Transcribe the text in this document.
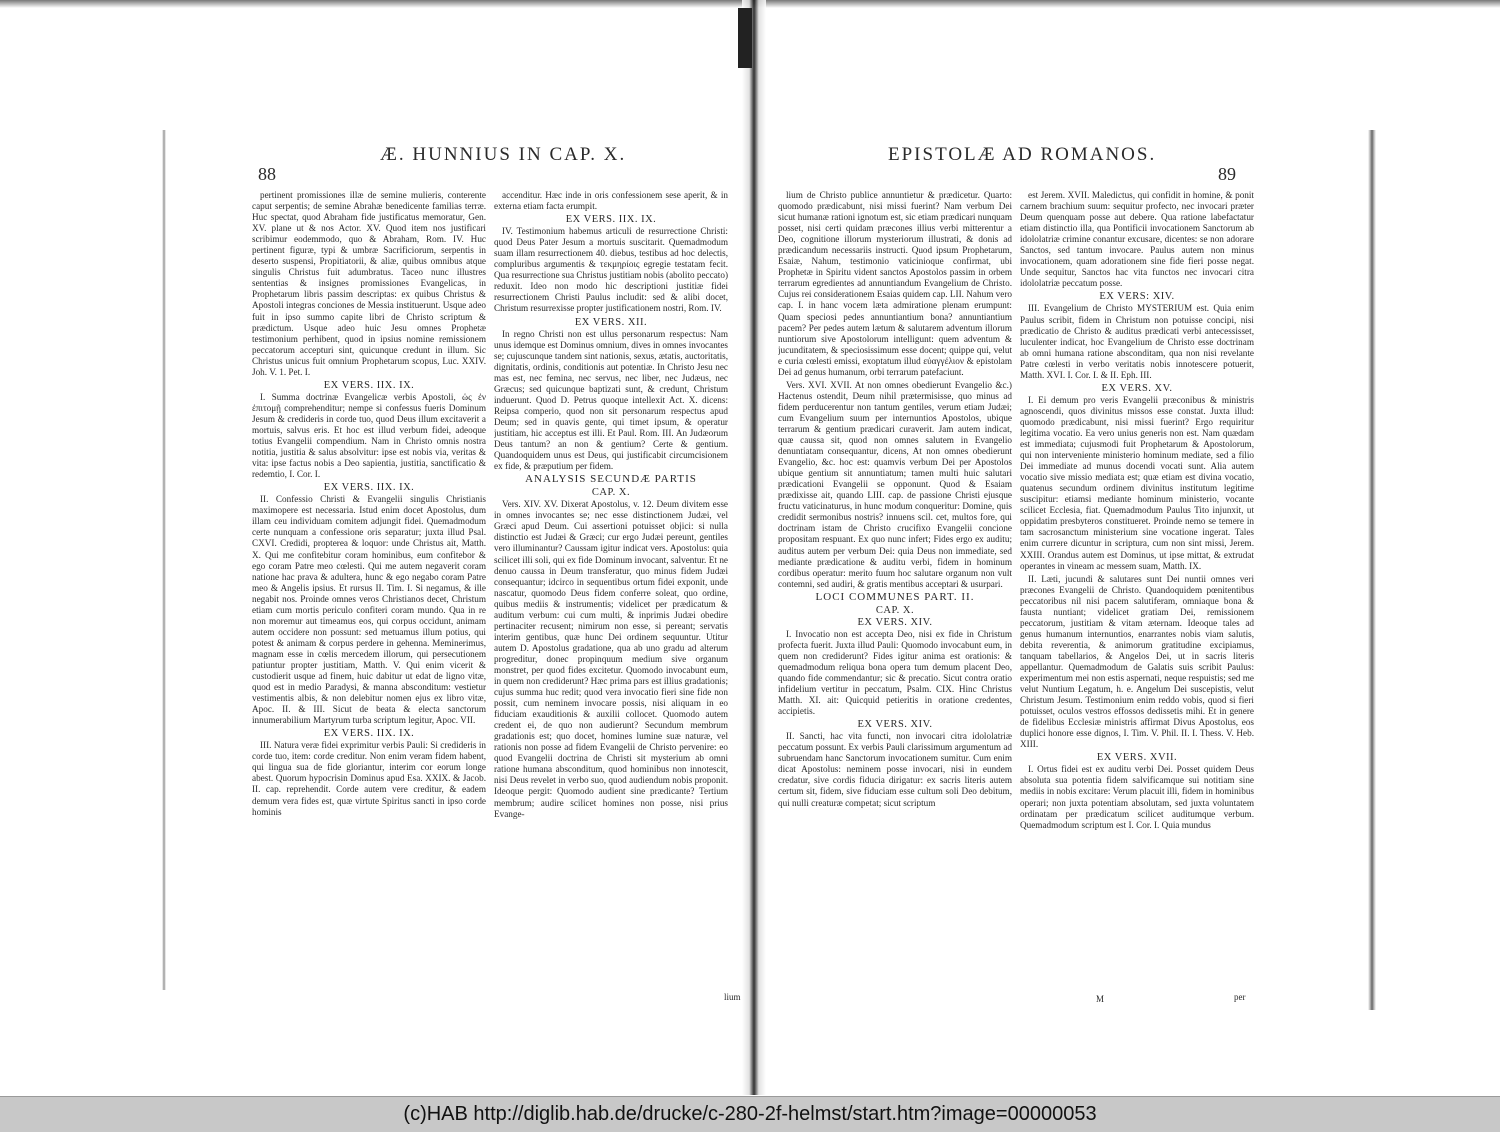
88
Æ. HUNNIUS IN CAP. X.

pertinent promissiones illæ de semine mulieris, conterente caput serpentis; de semine Abrahæ benedicente familias terræ. Huc spectat, quod Abraham fide justificatus memoratur, Gen. XV. plane ut & nos Actor. XV. Quod item nos justificari scribimur eodemmodo, quo & Abraham, Rom. IV. Huc pertinent figuræ, typi & umbræ Sacrificiorum, serpentis in deserto suspensi, Propitiatorii, & aliæ, quibus omnibus atque singulis Christus fuit adumbratus. Taceo nunc illustres sententias & insignes promissiones Evangelicas, in Prophetarum libris passim descriptas: ex quibus Christus & Apostoli integras conciones de Messia instituerunt. Usque adeo fuit in ipso summo capite libri de Christo scriptum & prædictum. Usque adeo huic Jesu omnes Prophetæ testimonium perhibent, quod in ipsius nomine remissionem peccatorum accepturi sint, quicunque credunt in illum. Sic Christus unicus fuit omnium Prophetarum scopus, Luc. XXIV. Joh. V. 1. Pet. I.

EX VERS. IIX. IX.

I. Summa doctrinæ Evangelicæ verbis Apostoli, ὡς ἐν ἐπιτομῇ comprehenditur; nempe si confessus fueris Dominum Jesum & credideris in corde tuo, quod Deus illum excitaverit a mortuis, salvus eris. Et hoc est illud verbum fidei, adeoque totius Evangelii compendium. Nam in Christo omnis nostra notitia, justitia & salus absolvitur: ipse est nobis via, veritas & vita: ipse factus nobis a Deo sapientia, justitia, sanctificatio & redemtio, I. Cor. I.

EX VERS. IIX. IX.

II. Confessio Christi & Evangelii singulis Christianis maximopere est necessaria. Istud enim docet Apostolus, dum illam ceu individuam comitem adjungit fidei. Quemadmodum certe nunquam a confessione oris separatur; juxta illud Psal. CXVI. Credidi, propterea & loquor: unde Christus ait, Matth. X. Qui me confitebitur coram hominibus, eum confitebor & ego coram Patre meo cœlesti. Qui me autem negaverit coram natione hac prava & adultera, hunc & ego negabo coram Patre meo & Angelis ipsius. Et rursus II. Tim. I. Si negamus, & ille negabit nos. Proinde omnes veros Christianos decet, Christum etiam cum mortis periculo confiteri coram mundo. Qua in re non moremur aut timeamus eos, qui corpus occidunt, animam autem occidere non possunt: sed metuamus illum potius, qui potest & animam & corpus perdere in gehenna. Meminerimus, magnam esse in cœlis mercedem illorum, qui persecutionem patiuntur propter justitiam, Matth. V. Qui enim vicerit & custodierit usque ad finem, huic dabitur ut edat de ligno vitæ, quod est in medio Paradysi, & manna absconditum: vestietur vestimentis albis, & non delebitur nomen ejus ex libro vitæ, Apoc. II. & III. Sicut de beata & electa sanctorum innumerabilium Martyrum turba scriptum legitur, Apoc. VII.

EX VERS. IIX. IX.

III. Natura veræ fidei exprimitur verbis Pauli: Si credideris in corde tuo, item: corde creditur. Non enim veram fidem habent, qui lingua sua de fide gloriantur, interim cor eorum longe abest. Quorum hypocrisin Dominus apud Esa. XXIX. & Jacob. II. cap. reprehendit. Corde autem vere creditur, & eadem demum vera fides est, quæ virtute Spiritus sancti in ipso corde hominis

accenditur. Hæc inde in oris confessionem sese aperit, & in externa etiam facta erumpit.

EX VERS. IIX. IX.

IV. Testimonium habemus articuli de resurrectione Christi: quod Deus Pater Jesum a mortuis suscitarit. Quemadmodum suam illam resurrectionem 40. diebus, testibus ad hoc delectis, compluribus argumentis & τεκμηρίοις egregie testatam fecit. Qua resurrectione sua Christus justitiam nobis (abolito peccato) reduxit. Ideo non modo hic descriptioni justitiæ fidei resurrectionem Christi Paulus includit: sed & alibi docet, Christum resurrexisse propter justificationem nostri, Rom. IV.

EX VERS. XII.

In regno Christi non est ullus personarum respectus: Nam unus idemque est Dominus omnium, dives in omnes invocantes se; cujuscunque tandem sint nationis, sexus, ætatis, auctoritatis, dignitatis, ordinis, conditionis aut potentiæ. In Christo Jesu nec mas est, nec femina, nec servus, nec liber, nec Judæus, nec Græcus; sed quicunque baptizati sunt, & credunt, Christum induerunt. Quod D. Petrus quoque intellexit Act. X. dicens: Reipsa comperio, quod non sit personarum respectus apud Deum; sed in quavis gente, qui timet ipsum, & operatur justitiam, hic acceptus est illi. Et Paul. Rom. III. An Judæorum Deus tantum? an non & gentium? Certe & gentium. Quandoquidem unus est Deus, qui justificabit circumcisionem ex fide, & præputium per fidem.

ANALYSIS SECUNDÆ PARTIS

CAP. X.

Vers. XIV. XV. Dixerat Apostolus, v. 12. Deum divitem esse in omnes invocantes se; nec esse distinctionem Judæi, vel Græci apud Deum. Cui assertioni potuisset objici: si nulla distinctio est Judæi & Græci; cur ergo Judæi pereunt, gentiles vero illuminantur? Caussam igitur indicat vers. Apostolus: quia scilicet illi soli, qui ex fide Dominum invocant, salventur. Et ne denuo caussa in Deum transferatur, quo minus fidem Judæi consequantur; idcirco in sequentibus ortum fidei exponit, unde nascatur, quomodo Deus fidem conferre soleat, quo ordine, quibus mediis & instrumentis; videlicet per prædicatum & auditum verbum: cui cum multi, & inprimis Judæi obedire pertinaciter recusent; nimirum non esse, si pereant; servatis interim gentibus, quæ hunc Dei ordinem sequuntur. Utitur autem D. Apostolus gradatione, qua ab uno gradu ad alterum progreditur, donec propinquum medium sive organum monstret, per quod fides excitetur. Quomodo invocabunt eum, in quem non crediderunt? Hæc prima pars est illius gradationis; cujus summa huc redit; quod vera invocatio fieri sine fide non possit, cum neminem invocare possis, nisi aliquam in eo fiduciam exauditionis & auxilii collocet. Quomodo autem credent ei, de quo non audierunt? Secundum membrum gradationis est; quo docet, homines lumine suæ naturæ, vel rationis non posse ad fidem Evangelii de Christo pervenire: eo quod Evangelii doctrina de Christi sit mysterium ab omni ratione humana absconditum, quod hominibus non innotescit, nisi Deus revelet in verbo suo, quod audiendum nobis proponit. Ideoque pergit: Quomodo audient sine prædicante? Tertium membrum; audire scilicet homines non posse, nisi prius Evange-

lium
EPISTOLÆ AD ROMANOS.
89

lium de Christo publice annuntietur & prædicetur. Quarto: quomodo prædicabunt, nisi missi fuerint? Nam verbum Dei sicut humanæ rationi ignotum est, sic etiam prædicari nunquam posset, nisi certi quidam præcones illius verbi mitterentur a Deo, cognitione illorum mysteriorum illustrati, & donis ad prædicandum necessariis instructi. Quod ipsum Prophetarum, Esaiæ, Nahum, testimonio vaticinioque confirmat, ubi Prophetæ in Spiritu vident sanctos Apostolos passim in orbem terrarum egredientes ad annuntiandum Evangelium de Christo. Cujus rei considerationem Esaias quidem cap. LII. Nahum vero cap. I. in hanc vocem læta admiratione plenam erumpunt: Quam speciosi pedes annuntiantium bona? annuntiantium pacem? Per pedes autem lætum & salutarem adventum illorum nuntiorum sive Apostolorum intelligunt: quem adventum & jucunditatem, & speciosissimum esse docent; quippe qui, velut e curia cœlesti emissi, exoptatum illud εὐαγγέλιον & epistolam Dei ad genus humanum, orbi terrarum patefaciunt.

Vers. XVI. XVII. At non omnes obedierunt Evangelio &c.) Hactenus ostendit, Deum nihil prætermisisse, quo minus ad fidem perducerentur non tantum gentiles, verum etiam Judæi; cum Evangelium suum per internuntios Apostolos, ubique terrarum & gentium prædicari curaverit. Jam autem indicat, quæ caussa sit, quod non omnes salutem in Evangelio denuntiatam consequantur, dicens, At non omnes obedierunt Evangelio, &c. hoc est: quamvis verbum Dei per Apostolos ubique gentium sit annuntiatum; tamen multi huic salutari prædicationi Evangelii se opponunt. Quod & Esaiam prædixisse ait, quando LIII. cap. de passione Christi ejusque fructu vaticinaturus, in hunc modum conqueritur: Domine, quis credidit sermonibus nostris? innuens scil. cet, multos fore, qui doctrinam istam de Christo crucifixo Evangelii concione propositam respuant. Ex quo nunc infert; Fides ergo ex auditu; auditus autem per verbum Dei: quia Deus non immediate, sed mediante prædicatione & auditu verbi, fidem in hominum cordibus operatur: merito fuum hoc salutare organum non vult contemni, sed audiri, & gratis mentibus acceptari & usurpari.

LOCI COMMUNES PART. II.

CAP. X.

EX VERS. XIV.

I. Invocatio non est accepta Deo, nisi ex fide in Christum profecta fuerit. Juxta illud Pauli: Quomodo invocabunt eum, in quem non crediderunt? Fides igitur anima est orationis: & quemadmodum reliqua bona opera tum demum placent Deo, quando fide commendantur; sic & precatio. Sicut contra oratio infidelium vertitur in peccatum, Psalm. CIX. Hinc Christus Matth. XI. ait: Quicquid petieritis in oratione credentes, accipietis.

EX VERS. XIV.

II. Sancti, hac vita functi, non invocari citra idololatriæ peccatum possunt. Ex verbis Pauli clarissimum argumentum ad subruendam hanc Sanctorum invocationem sumitur. Cum enim dicat Apostolus: neminem posse invocari, nisi in eundem credatur, sive cordis fiducia dirigatur: ex sacris literis autem certum sit, fidem, sive fiduciam esse cultum soli Deo debitum, qui nulli creaturæ competat; sicut scriptum

est Jerem. XVII. Maledictus, qui confidit in homine, & ponit carnem brachium suum: sequitur profecto, nec invocari præter Deum quenquam posse aut debere. Qua ratione labefactatur etiam distinctio illa, qua Pontificii invocationem Sanctorum ab idololatriæ crimine conantur excusare, dicentes: se non adorare Sanctos, sed tantum invocare. Paulus autem non minus invocationem, quam adorationem sine fide fieri posse negat. Unde sequitur, Sanctos hac vita functos nec invocari citra idololatriæ peccatum posse.

EX VERS: XIV.

III. Evangelium de Christo MYSTERIUM est. Quia enim Paulus scribit, fidem in Christum non potuisse concipi, nisi prædicatio de Christo & auditus prædicati verbi antecessisset, luculenter indicat, hoc Evangelium de Christo esse doctrinam ab omni humana ratione absconditam, qua non nisi revelante Patre cœlesti in verbo veritatis nobis innotescere potuerit, Matth. XVI. I. Cor. I. & II. Eph. III.

EX VERS. XV.

I. Ei demum pro veris Evangelii præconibus & ministris agnoscendi, quos divinitus missos esse constat. Juxta illud: quomodo prædicabunt, nisi missi fuerint? Ergo requiritur legitima vocatio. Ea vero unius generis non est. Nam quædam est immediata; cujusmodi fuit Prophetarum & Apostolorum, qui non interveniente ministerio hominum mediate, sed a filio Dei immediate ad munus docendi vocati sunt. Alia autem vocatio sive missio mediata est; quæ etiam est divina vocatio, quatenus secundum ordinem divinitus institutum legitime suscipitur: etiamsi mediante hominum ministerio, vocante scilicet Ecclesia, fiat. Quemadmodum Paulus Tito injunxit, ut oppidatim presbyteros constitueret. Proinde nemo se temere in tam sacrosanctum ministerium sine vocatione ingerat. Tales enim currere dicuntur in scriptura, cum non sint missi, Jerem. XXIII. Orandus autem est Dominus, ut ipse mittat, & extrudat operantes in vineam ac messem suam, Matth. IX.

II. Læti, jucundi & salutares sunt Dei nuntii omnes veri præcones Evangelii de Christo. Quandoquidem pœnitentibus peccatoribus nil nisi pacem salutiferam, omniaque bona & fausta nuntiant; videlicet gratiam Dei, remissionem peccatorum, justitiam & vitam æternam. Ideoque tales ad genus humanum internuntios, enarrantes nobis viam salutis, debita reverentia, & animorum gratitudine excipiamus, tanquam tabellarios, & Angelos Dei, ut in sacris literis appellantur. Quemadmodum de Galatis suis scribit Paulus: experimentum mei non estis aspernati, neque respuistis; sed me velut Nuntium Legatum, h. e. Angelum Dei suscepistis, velut Christum Jesum. Testimonium enim reddo vobis, quod si fieri potuisset, oculos vestros effossos dedissetis mihi. Et in genere de fidelibus Ecclesiæ ministris affirmat Divus Apostolus, eos duplici honore esse dignos, I. Tim. V. Phil. II. I. Thess. V. Heb. XIII.

EX VERS. XVII.

I. Ortus fidei est ex auditu verbi Dei. Posset quidem Deus absoluta sua potentia fidem salvificamque sui notitiam sine mediis in nobis excitare: Verum placuit illi, fidem in hominibus operari; non juxta potentiam absolutam, sed juxta voluntatem ordinatam per prædicatum scilicet auditumque verbum. Quemadmodum scriptum est I. Cor. I. Quia mundus

M	per
(c)HAB http://diglib.hab.de/drucke/c-280-2f-helmst/start.htm?image=00000053
